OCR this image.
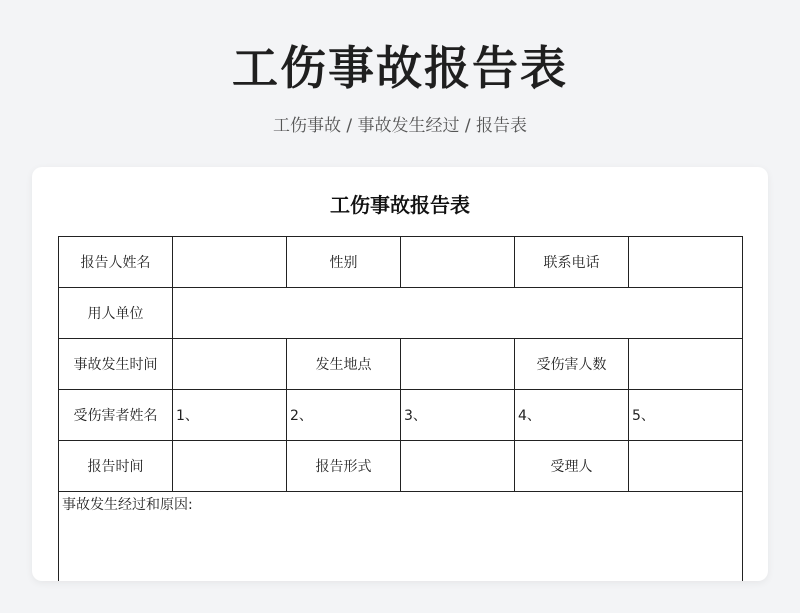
工伤事故报告表
工伤事故 / 事故发生经过 / 报告表
工伤事故报告表
报告人姓名		性别		联系电话	
用人单位					
事故发生时间		发生地点		受伤害人数	
受伤害者姓名	1、	2、	3、	4、	5、
报告时间		报告形式		受理人	
事故发生经过和原因:					
